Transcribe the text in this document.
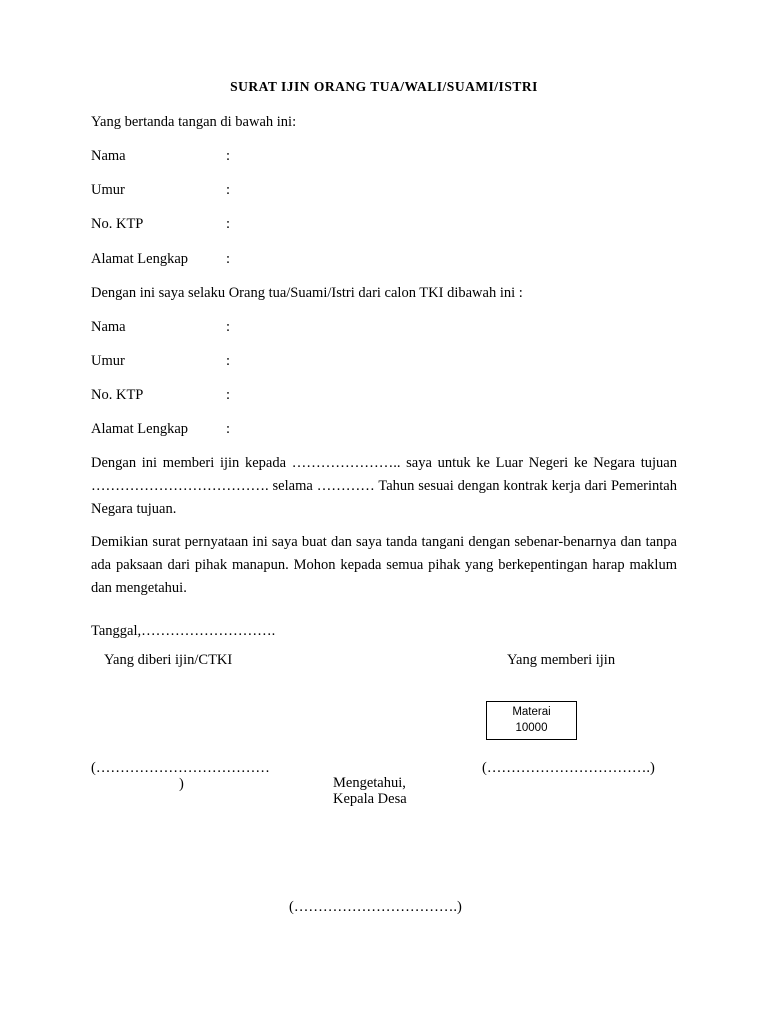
SURAT IJIN ORANG TUA/WALI/SUAMI/ISTRI
Yang bertanda tangan di bawah ini:
Nama	:
Umur	:
No. KTP	:
Alamat Lengkap	:
Dengan ini saya selaku Orang tua/Suami/Istri dari calon TKI dibawah ini :
Nama	:
Umur	:
No. KTP	:
Alamat Lengkap	:
Dengan ini memberi ijin kepada ………………….. saya untuk ke Luar Negeri ke Negara tujuan ………………………………. selama ………… Tahun sesuai dengan kontrak kerja dari Pemerintah Negara tujuan.
Demikian surat pernyataan ini saya buat dan saya tanda tangani dengan sebenar-benarnya dan tanpa ada paksaan dari pihak manapun. Mohon kepada semua pihak yang berkepentingan harap maklum dan mengetahui.
Tanggal,……………………….
Yang diberi ijin/CTKI	Yang memberi ijin
Materai
10000
(………………………………
)
(…………………………….)
Mengetahui,
Kepala Desa
(…………………………….)
